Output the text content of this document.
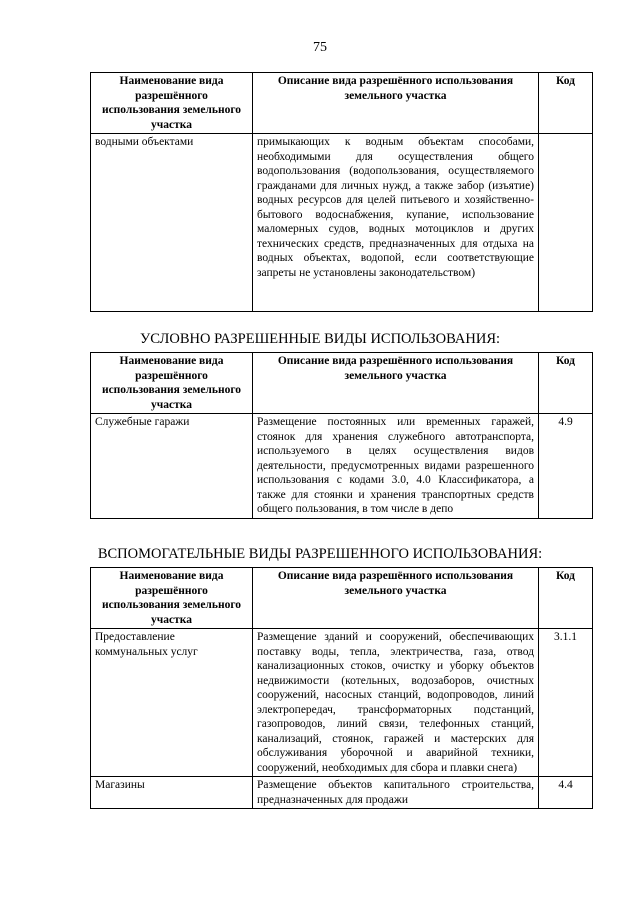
75
Наименование вида разрешённого использования земельного участка	Описание вида разрешённого использования земельного участка	Код
водными объектами	примыкающих к водным объектам способами, необходимыми для осуществления общего водопользования (водопользования, осуществляемого гражданами для личных нужд, а также забор (изъятие) водных ресурсов для целей питьевого и хозяйственно-бытового водоснабжения, купание, использование маломерных судов, водных мотоциклов и других технических средств, предназначенных для отдыха на водных объектах, водопой, если соответствующие запреты не установлены законодательством)	
УСЛОВНО РАЗРЕШЕННЫЕ ВИДЫ ИСПОЛЬЗОВАНИЯ:
Наименование вида разрешённого использования земельного участка	Описание вида разрешённого использования земельного участка	Код
Служебные гаражи	Размещение постоянных или временных гаражей, стоянок для хранения служебного автотранспорта, используемого в целях осуществления видов деятельности, предусмотренных видами разрешенного использования с кодами 3.0, 4.0 Классификатора, а также для стоянки и хранения транспортных средств общего пользования, в том числе в депо	4.9
ВСПОМОГАТЕЛЬНЫЕ ВИДЫ РАЗРЕШЕННОГО ИСПОЛЬЗОВАНИЯ:
Наименование вида разрешённого использования земельного участка	Описание вида разрешённого использования земельного участка	Код
Предоставление коммунальных услуг	Размещение зданий и сооружений, обеспечивающих поставку воды, тепла, электричества, газа, отвод канализационных стоков, очистку и уборку объектов недвижимости (котельных, водозаборов, очистных сооружений, насосных станций, водопроводов, линий электропередач, трансформаторных подстанций, газопроводов, линий связи, телефонных станций, канализаций, стоянок, гаражей и мастерских для обслуживания уборочной и аварийной техники, сооружений, необходимых для сбора и плавки снега)	3.1.1
Магазины	Размещение объектов капитального строительства, предназначенных для продажи	4.4
